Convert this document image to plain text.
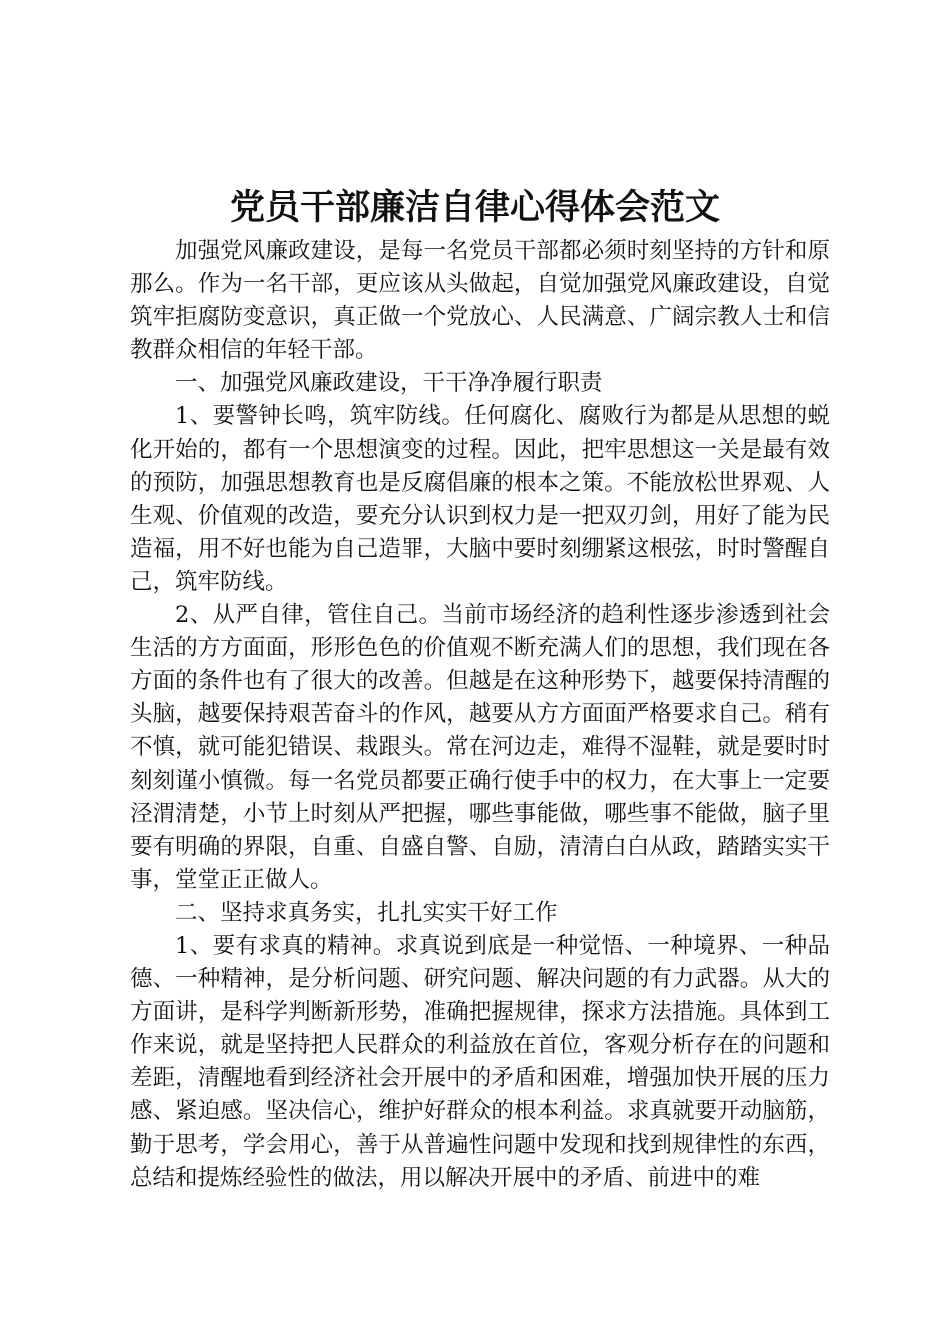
党员干部廉洁自律心得体会范文

加强党风廉政建设，是每一名党员干部都必须时刻坚持的方针和原那么。作为一名干部，更应该从头做起，自觉加强党风廉政建设，自觉筑牢拒腐防变意识，真正做一个党放心、人民满意、广阔宗教人士和信教群众相信的年轻干部。

一、加强党风廉政建设，干干净净履行职责

1、要警钟长鸣，筑牢防线。任何腐化、腐败行为都是从思想的蜕化开始的，都有一个思想演变的过程。因此，把牢思想这一关是最有效的预防，加强思想教育也是反腐倡廉的根本之策。不能放松世界观、人生观、价值观的改造，要充分认识到权力是一把双刃剑，用好了能为民造福，用不好也能为自己造罪，大脑中要时刻绷紧这根弦，时时警醒自己，筑牢防线。

2、从严自律，管住自己。当前市场经济的趋利性逐步渗透到社会生活的方方面面，形形色色的价值观不断充满人们的思想，我们现在各方面的条件也有了很大的改善。但越是在这种形势下，越要保持清醒的头脑，越要保持艰苦奋斗的作风，越要从方方面面严格要求自己。稍有不慎，就可能犯错误、栽跟头。常在河边走，难得不湿鞋，就是要时时刻刻谨小慎微。每一名党员都要正确行使手中的权力，在大事上一定要泾渭清楚，小节上时刻从严把握，哪些事能做，哪些事不能做，脑子里要有明确的界限，自重、自盛自警、自励，清清白白从政，踏踏实实干事，堂堂正正做人。

二、坚持求真务实，扎扎实实干好工作

1、要有求真的精神。求真说到底是一种觉悟、一种境界、一种品德、一种精神，是分析问题、研究问题、解决问题的有力武器。从大的方面讲，是科学判断新形势，准确把握规律，探求方法措施。具体到工作来说，就是坚持把人民群众的利益放在首位，客观分析存在的问题和差距，清醒地看到经济社会开展中的矛盾和困难，增强加快开展的压力感、紧迫感。坚决信心，维护好群众的根本利益。求真就要开动脑筋，勤于思考，学会用心，善于从普遍性问题中发现和找到规律性的东西，总结和提炼经验性的做法，用以解决开展中的矛盾、前进中的难
